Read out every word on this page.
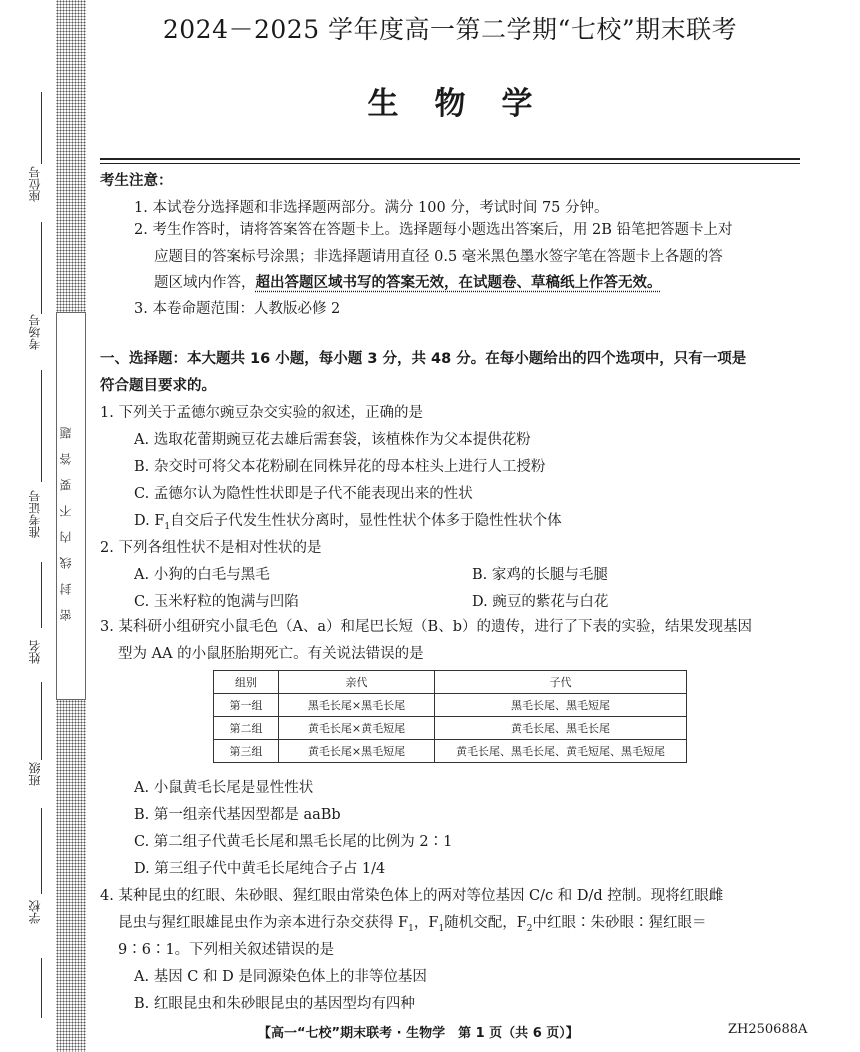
座位号
考场号
准考证号
姓名
班级
学校
密封线内不要答题
2024－2025 学年度高一第二学期“七校”期末联考
生物学
考生注意：
1. 本试卷分选择题和非选择题两部分。满分 100 分，考试时间 75 分钟。
2. 考生作答时，请将答案答在答题卡上。选择题每小题选出答案后，用 2B 铅笔把答题卡上对
应题目的答案标号涂黑；非选择题请用直径 0.5 毫米黑色墨水签字笔在答题卡上各题的答
题区域内作答，超出答题区域书写的答案无效，在试题卷、草稿纸上作答无效。
3. 本卷命题范围：人教版必修 2
一、选择题：本大题共 16 小题，每小题 3 分，共 48 分。在每小题给出的四个选项中，只有一项是
符合题目要求的。
1. 下列关于孟德尔豌豆杂交实验的叙述，正确的是
A. 选取花蕾期豌豆花去雄后需套袋，该植株作为父本提供花粉
B. 杂交时可将父本花粉刷在同株异花的母本柱头上进行人工授粉
C. 孟德尔认为隐性性状即是子代不能表现出来的性状
D. $F_1$自交后子代发生性状分离时，显性性状个体多于隐性性状个体
2. 下列各组性状不是相对性状的是
A. 小狗的白毛与黑毛	B. 家鸡的长腿与毛腿
C. 玉米籽粒的饱满与凹陷	D. 豌豆的紫花与白花
3. 某科研小组研究小鼠毛色（A、a）和尾巴长短（B、b）的遗传，进行了下表的实验，结果发现基因
型为 AA 的小鼠胚胎期死亡。有关说法错误的是
组别	亲代	子代
第一组	黑毛长尾×黑毛长尾	黑毛长尾、黑毛短尾
第二组	黄毛长尾×黄毛短尾	黄毛长尾、黑毛长尾
第三组	黄毛长尾×黑毛短尾	黄毛长尾、黑毛长尾、黄毛短尾、黑毛短尾
A. 小鼠黄毛长尾是显性性状
B. 第一组亲代基因型都是 aaBb
C. 第二组子代黄毛长尾和黑毛长尾的比例为 2∶1
D. 第三组子代中黄毛长尾纯合子占 1/4
4. 某种昆虫的红眼、朱砂眼、猩红眼由常染色体上的两对等位基因 C/c 和 D/d 控制。现将红眼雌
昆虫与猩红眼雄昆虫作为亲本进行杂交获得 $F_1$，$F_1$随机交配，$F_2$中红眼∶朱砂眼∶猩红眼＝
9∶6∶1。下列相关叙述错误的是
A. 基因 C 和 D 是同源染色体上的非等位基因
B. 红眼昆虫和朱砂眼昆虫的基因型均有四种
【高一“七校”期末联考 · 生物学　第 1 页（共 6 页）】	ZH250688A
